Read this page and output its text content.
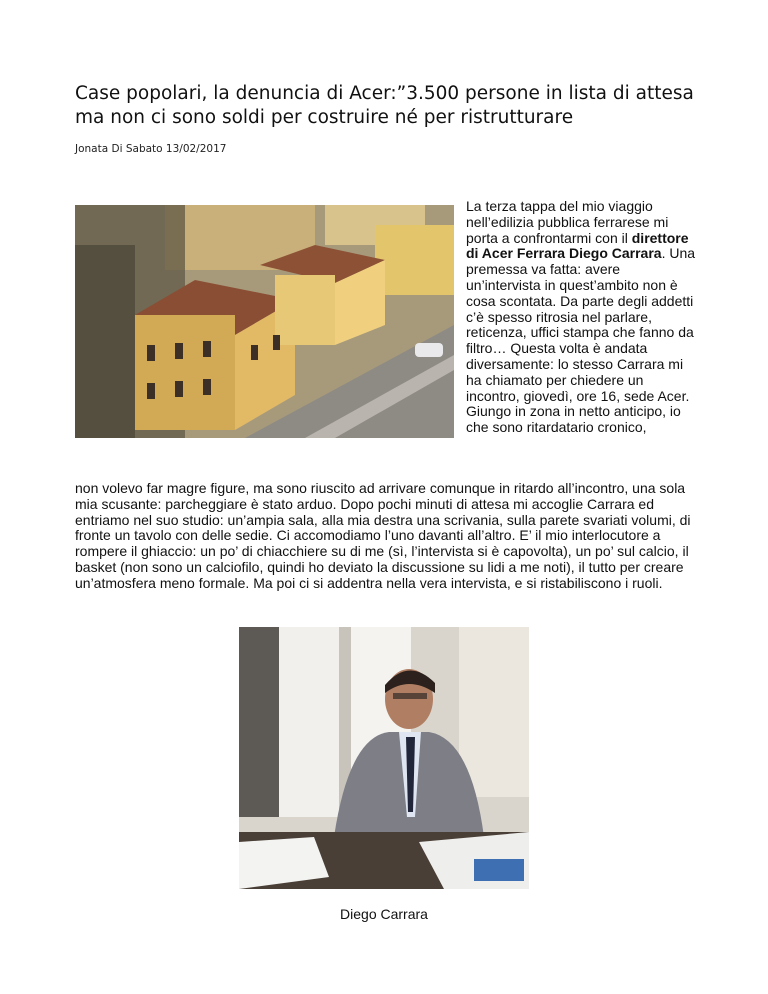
Case popolari, la denuncia di Acer:”3.500 persone in lista di attesa ma non ci sono soldi per costruire né per ristrutturare
Jonata Di Sabato 13/02/2017

La terza tappa del mio viaggio nell’edilizia pubblica ferrarese mi porta a confrontarmi con il direttore di Acer Ferrara Diego Carrara. Una premessa va fatta: avere un’intervista in quest’ambito non è cosa scontata. Da parte degli addetti c’è spesso ritrosia nel parlare, reticenza, uffici stampa che fanno da filtro… Questa volta è andata diversamente: lo stesso Carrara mi ha chiamato per chiedere un incontro, giovedì, ore 16, sede Acer.

Giungo in zona in netto anticipo, io che sono ritardatario cronico,

non volevo far magre figure, ma sono riuscito ad arrivare comunque in ritardo all’incontro, una sola mia scusante: parcheggiare è stato arduo. Dopo pochi minuti di attesa mi accoglie Carrara ed entriamo nel suo studio: un’ampia sala, alla mia destra una scrivania, sulla parete svariati volumi, di fronte un tavolo con delle sedie. Ci accomodiamo l’uno davanti all’altro. E’ il mio interlocutore a rompere il ghiaccio: un po’ di chiacchiere su di me (sì, l’intervista si è capovolta), un po’ sul calcio, il basket (non sono un calciofilo, quindi ho deviato la discussione su lidi a me noti), il tutto per creare un’atmosfera meno formale. Ma poi ci si addentra nella vera intervista, e si ristabiliscono i ruoli.

Diego Carrara
